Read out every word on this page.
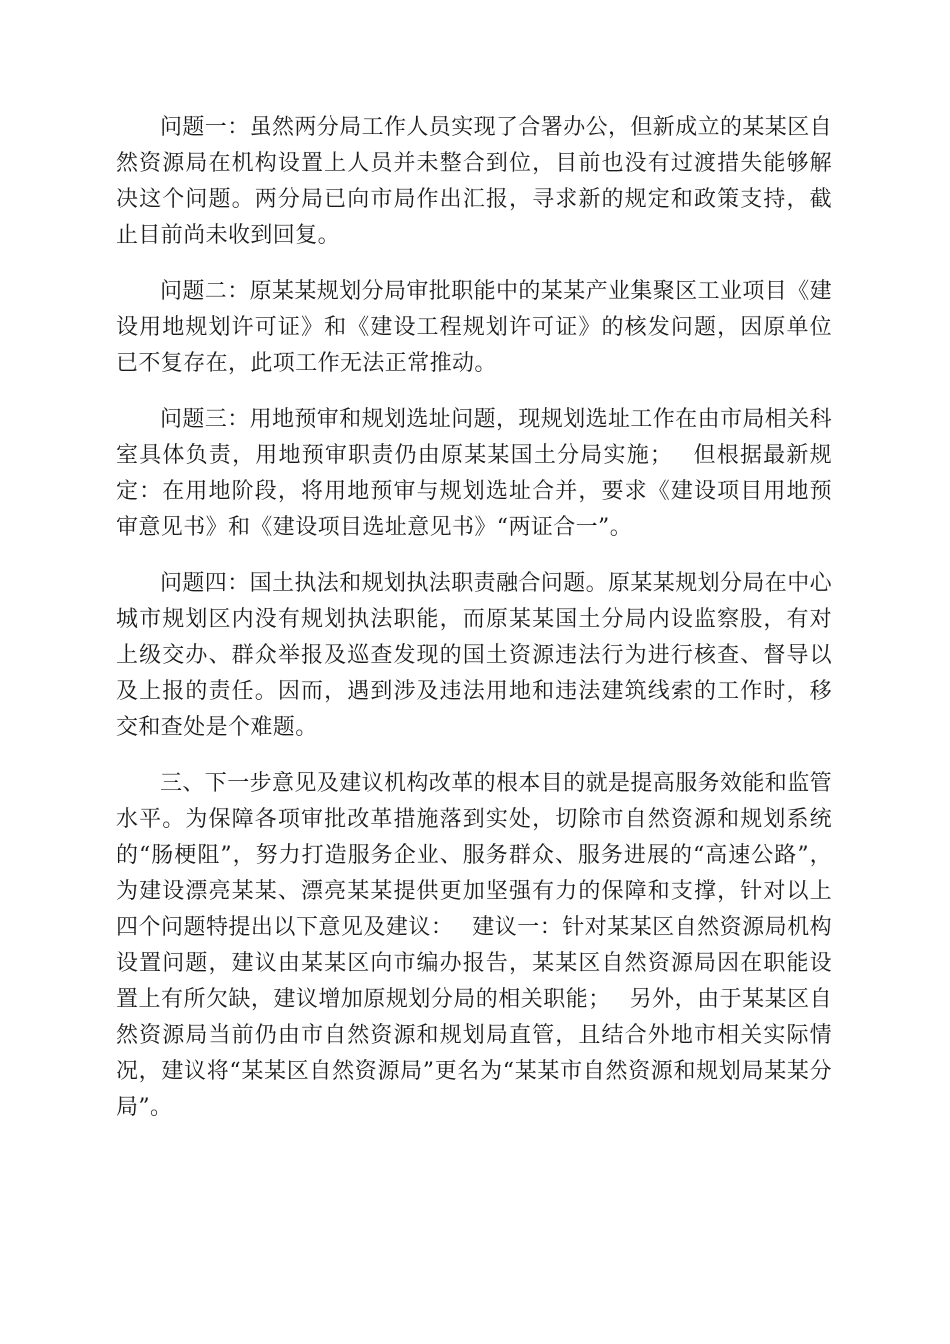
问题一：虽然两分局工作人员实现了合署办公，但新成立的某某区自然资源局在机构设置上人员并未整合到位，目前也没有过渡措失能够解决这个问题。两分局已向市局作出汇报，寻求新的规定和政策支持，截止目前尚未收到回复。

问题二：原某某规划分局审批职能中的某某产业集聚区工业项目《建设用地规划许可证》和《建设工程规划许可证》的核发问题，因原单位已不复存在，此项工作无法正常推动。

问题三：用地预审和规划选址问题，现规划选址工作在由市局相关科室具体负责，用地预审职责仍由原某某国土分局实施；　 但根据最新规定：在用地阶段，将用地预审与规划选址合并，要求《建设项目用地预审意见书》和《建设项目选址意见书》“两证合一”。

问题四：国土执法和规划执法职责融合问题。原某某规划分局在中心城市规划区内没有规划执法职能，而原某某国土分局内设监察股，有对上级交办、群众举报及巡查发现的国土资源违法行为进行核查、督导以及上报的责任。因而，遇到涉及违法用地和违法建筑线索的工作时，移交和查处是个难题。

三、下一步意见及建议机构改革的根本目的就是提高服务效能和监管水平。为保障各项审批改革措施落到实处，切除市自然资源和规划系统的“肠梗阻”，努力打造服务企业、服务群众、服务进展的“高速公路”，为建设漂亮某某、漂亮某某提供更加坚强有力的保障和支撑，针对以上四个问题特提出以下意见及建议：　 建议一：针对某某区自然资源局机构设置问题，建议由某某区向市编办报告，某某区自然资源局因在职能设置上有所欠缺，建议增加原规划分局的相关职能；　 另外，由于某某区自然资源局当前仍由市自然资源和规划局直管，且结合外地市相关实际情况，建议将“某某区自然资源局”更名为“某某市自然资源和规划局某某分局”。
